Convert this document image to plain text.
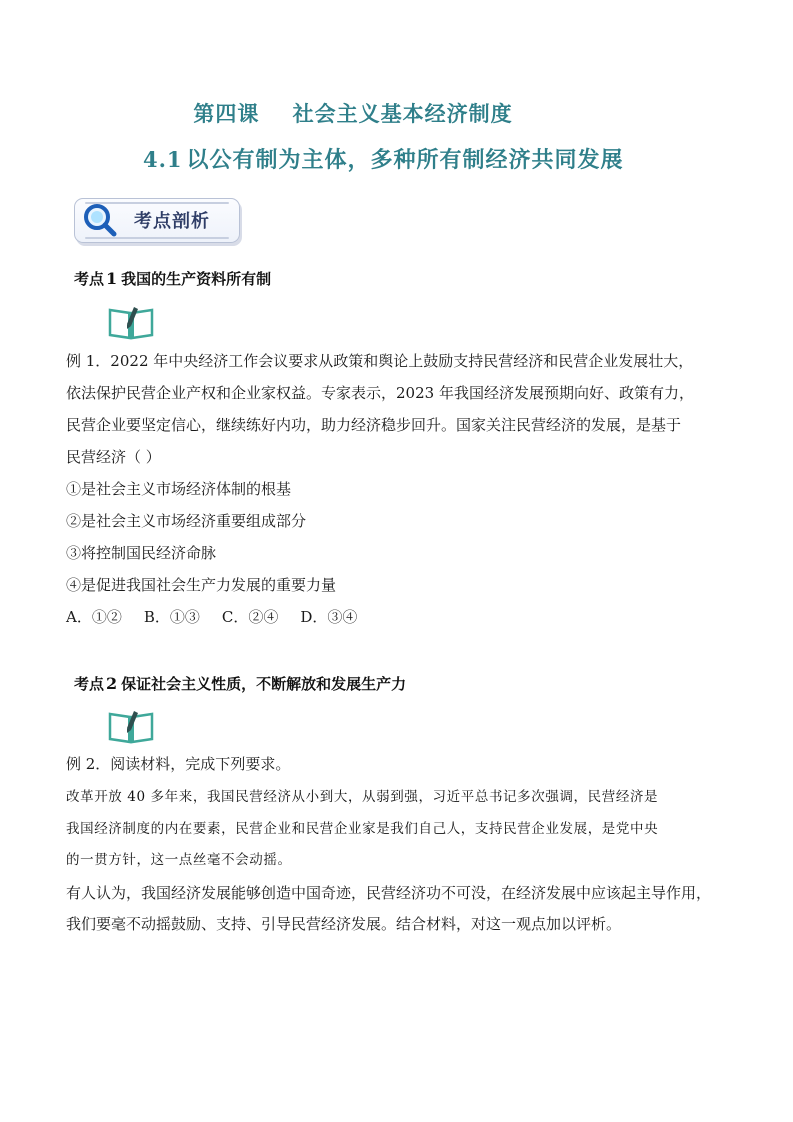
第四课    社会主义基本经济制度
4.1 以公有制为主体，多种所有制经济共同发展
考点剖析
考点 1 我国的生产资料所有制
例 1．2022 年中央经济工作会议要求从政策和舆论上鼓励支持民营经济和民营企业发展壮大，
依法保护民营企业产权和企业家权益。专家表示，2023 年我国经济发展预期向好、政策有力，
民营企业要坚定信心，继续练好内功，助力经济稳步回升。国家关注民营经济的发展，是基于
民营经济（ ）
①是社会主义市场经济体制的根基
②是社会主义市场经济重要组成部分
③将控制国民经济命脉
④是促进我国社会生产力发展的重要力量
A．①② B．①③ C．②④ D．③④
考点 2 保证社会主义性质，不断解放和发展生产力
例 2．阅读材料，完成下列要求。
改革开放 40 多年来，我国民营经济从小到大，从弱到强，习近平总书记多次强调，民营经济是
我国经济制度的内在要素，民营企业和民营企业家是我们自己人，支持民营企业发展，是党中央
的一贯方针，这一点丝毫不会动摇。
有人认为，我国经济发展能够创造中国奇迹，民营经济功不可没，在经济发展中应该起主导作用，
我们要毫不动摇鼓励、支持、引导民营经济发展。结合材料，对这一观点加以评析。
